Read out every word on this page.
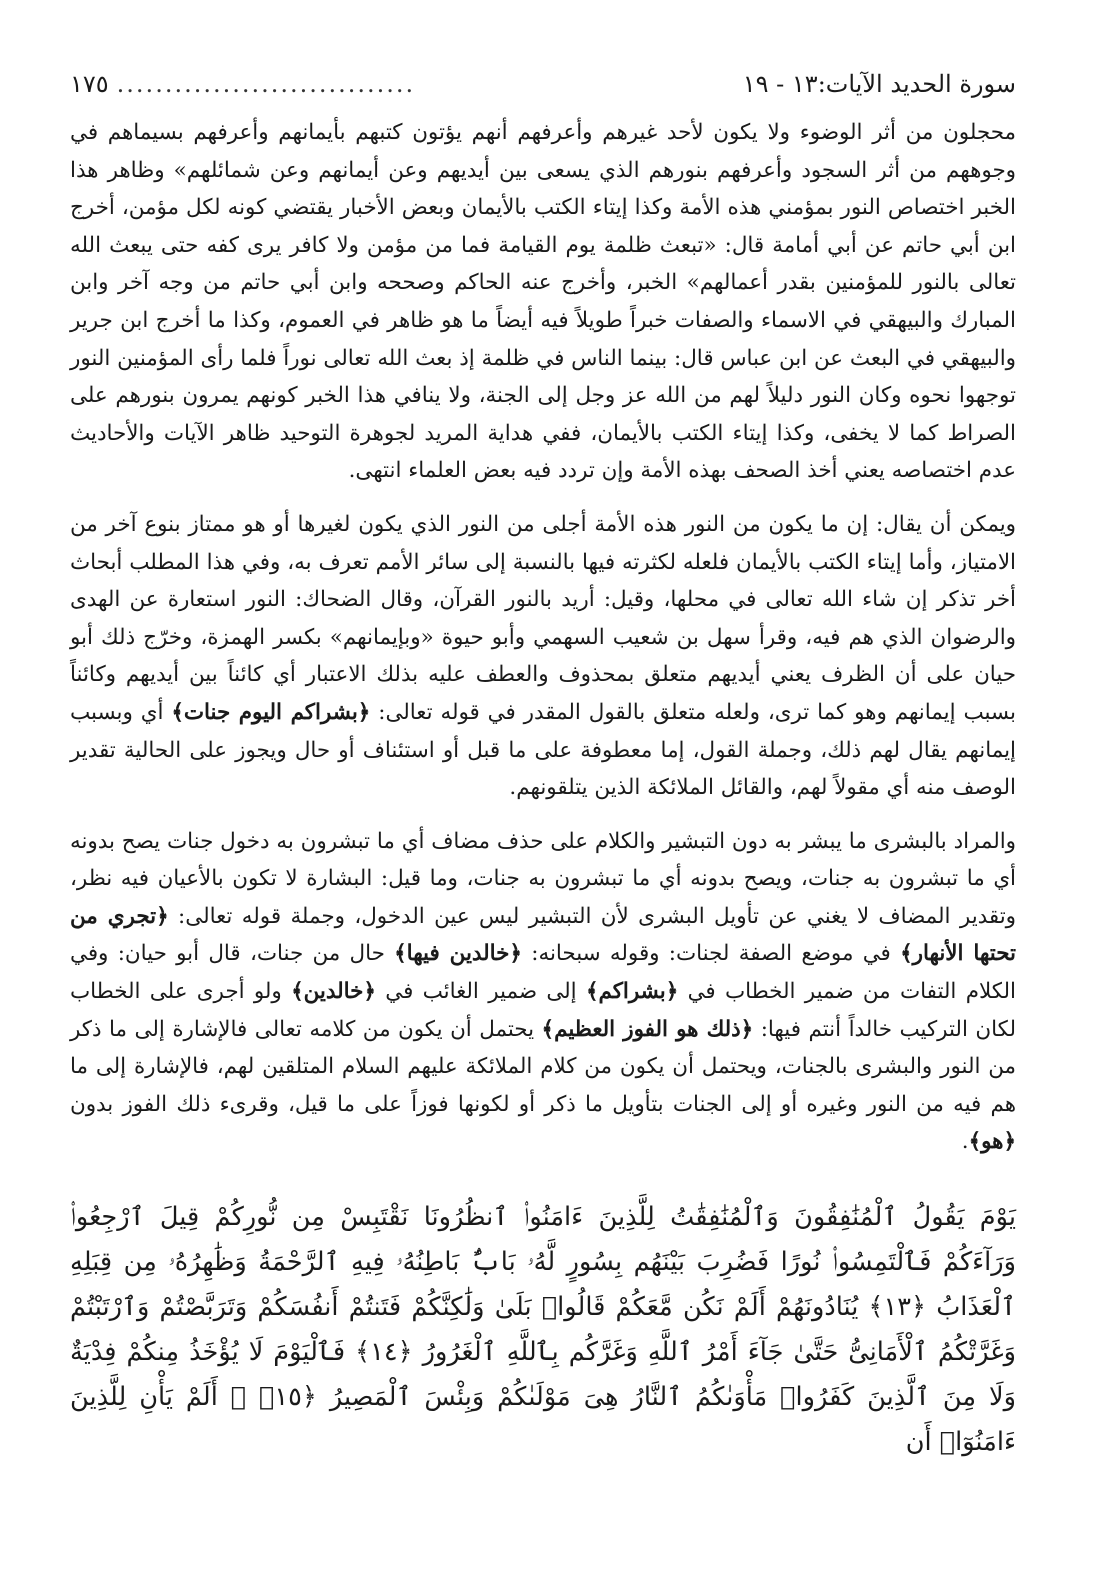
سورة الحديد الآيات:١٣ - ١٩
...............................
١٧٥

محجلون من أثر الوضوء ولا يكون لأحد غيرهم وأعرفهم أنهم يؤتون كتبهم بأيمانهم وأعرفهم بسيماهم في وجوههم من أثر السجود وأعرفهم بنورهم الذي يسعى بين أيديهم وعن أيمانهم وعن شمائلهم» وظاهر هذا الخبر اختصاص النور بمؤمني هذه الأمة وكذا إيتاء الكتب بالأيمان وبعض الأخبار يقتضي كونه لكل مؤمن، أخرج ابن أبي حاتم عن أبي أمامة قال: «تبعث ظلمة يوم القيامة فما من مؤمن ولا كافر يرى كفه حتى يبعث الله تعالى بالنور للمؤمنين بقدر أعمالهم» الخبر، وأخرج عنه الحاكم وصححه وابن أبي حاتم من وجه آخر وابن المبارك والبيهقي في الاسماء والصفات خبراً طويلاً فيه أيضاً ما هو ظاهر في العموم، وكذا ما أخرج ابن جرير والبيهقي في البعث عن ابن عباس قال: بينما الناس في ظلمة إذ بعث الله تعالى نوراً فلما رأى المؤمنين النور توجهوا نحوه وكان النور دليلاً لهم من الله عز وجل إلى الجنة، ولا ينافي هذا الخبر كونهم يمرون بنورهم على الصراط كما لا يخفى، وكذا إيتاء الكتب بالأيمان، ففي هداية المريد لجوهرة التوحيد ظاهر الآيات والأحاديث عدم اختصاصه يعني أخذ الصحف بهذه الأمة وإن تردد فيه بعض العلماء انتهى.

ويمكن أن يقال: إن ما يكون من النور هذه الأمة أجلى من النور الذي يكون لغيرها أو هو ممتاز بنوع آخر من الامتياز، وأما إيتاء الكتب بالأيمان فلعله لكثرته فيها بالنسبة إلى سائر الأمم تعرف به، وفي هذا المطلب أبحاث أخر تذكر إن شاء الله تعالى في محلها، وقيل: أريد بالنور القرآن، وقال الضحاك: النور استعارة عن الهدى والرضوان الذي هم فيه، وقرأ سهل بن شعيب السهمي وأبو حيوة «وبإيمانهم» بكسر الهمزة، وخرّج ذلك أبو حيان على أن الظرف يعني أيديهم متعلق بمحذوف والعطف عليه بذلك الاعتبار أي كائناً بين أيديهم وكائناً بسبب إيمانهم وهو كما ترى، ولعله متعلق بالقول المقدر في قوله تعالى: ﴿بشراكم اليوم جنات﴾ أي وبسبب إيمانهم يقال لهم ذلك، وجملة القول، إما معطوفة على ما قبل أو استئناف أو حال ويجوز على الحالية تقدير الوصف منه أي مقولاً لهم، والقائل الملائكة الذين يتلقونهم.

والمراد بالبشرى ما يبشر به دون التبشير والكلام على حذف مضاف أي ما تبشرون به دخول جنات يصح بدونه أي ما تبشرون به جنات، ويصح بدونه أي ما تبشرون به جنات، وما قيل: البشارة لا تكون بالأعيان فيه نظر، وتقدير المضاف لا يغني عن تأويل البشرى لأن التبشير ليس عين الدخول، وجملة قوله تعالى: ﴿تجري من تحتها الأنهار﴾ في موضع الصفة لجنات: وقوله سبحانه: ﴿خالدين فيها﴾ حال من جنات، قال أبو حيان: وفي الكلام التفات من ضمير الخطاب في ﴿بشراكم﴾ إلى ضمير الغائب في ﴿خالدين﴾ ولو أجرى على الخطاب لكان التركيب خالداً أنتم فيها: ﴿ذلك هو الفوز العظيم﴾ يحتمل أن يكون من كلامه تعالى فالإشارة إلى ما ذكر من النور والبشرى بالجنات، ويحتمل أن يكون من كلام الملائكة عليهم السلام المتلقين لهم، فالإشارة إلى ما هم فيه من النور وغيره أو إلى الجنات بتأويل ما ذكر أو لكونها فوزاً على ما قيل، وقرىء ذلك الفوز بدون ﴿هو﴾.

يَوْمَ يَقُولُ ٱلْمُنَٰفِقُونَ وَٱلْمُنَٰفِقَٰتُ لِلَّذِينَ ءَامَنُوا۟ ٱنظُرُونَا نَقْتَبِسْ مِن نُّورِكُمْ قِيلَ ٱرْجِعُوا۟ وَرَآءَكُمْ فَٱلْتَمِسُوا۟ نُورًا فَضُرِبَ بَيْنَهُم بِسُورٍ لَّهُۥ بَابٌۢ بَاطِنُهُۥ فِيهِ ٱلرَّحْمَةُ وَظَٰهِرُهُۥ مِن قِبَلِهِ ٱلْعَذَابُ ﴿١٣﴾ يُنَادُونَهُمْ أَلَمْ نَكُن مَّعَكُمْ قَالُوا۟ بَلَىٰ وَلَٰكِنَّكُمْ فَتَنتُمْ أَنفُسَكُمْ وَتَرَبَّصْتُمْ وَٱرْتَبْتُمْ وَغَرَّتْكُمُ ٱلْأَمَانِىُّ حَتَّىٰ جَآءَ أَمْرُ ٱللَّهِ وَغَرَّكُم بِٱللَّهِ ٱلْغَرُورُ ﴿١٤﴾ فَٱلْيَوْمَ لَا يُؤْخَذُ مِنكُمْ فِدْيَةٌ وَلَا مِنَ ٱلَّذِينَ كَفَرُوا۟ مَأْوَىٰكُمُ ٱلنَّارُ هِىَ مَوْلَىٰكُمْ وَبِئْسَ ٱلْمَصِيرُ ﴿١٥﴾ ۞ أَلَمْ يَأْنِ لِلَّذِينَ ءَامَنُوٓا۟ أَن
